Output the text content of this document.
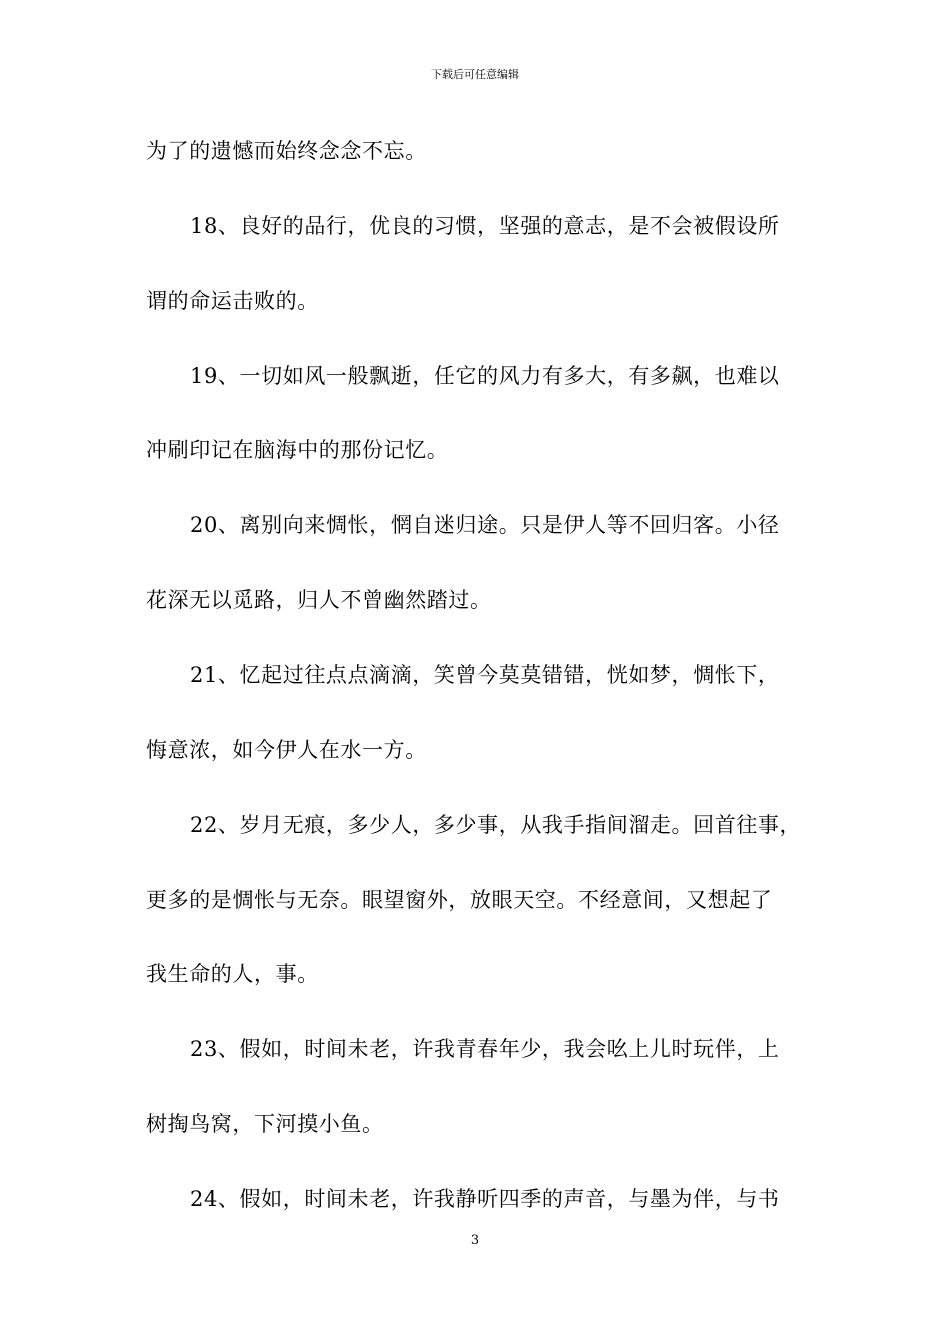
下载后可任意编辑
为了的遗憾而始终念念不忘。
18、良好的品行，优良的习惯，坚强的意志，是不会被假设所
谓的命运击败的。
19、一切如风一般飘逝，任它的风力有多大，有多飙，也难以
冲刷印记在脑海中的那份记忆。
20、离别向来惆怅，惘自迷归途。只是伊人等不回归客。小径
花深无以觅路，归人不曾幽然踏过。
21、忆起过往点点滴滴，笑曾今莫莫错错，恍如梦，惆怅下，
悔意浓，如今伊人在水一方。
22、岁月无痕，多少人，多少事，从我手指间溜走。回首往事，
更多的是惆怅与无奈。眼望窗外，放眼天空。不经意间，又想起了
我生命的人，事。
23、假如，时间未老，许我青春年少，我会吆上儿时玩伴，上
树掏鸟窝，下河摸小鱼。
24、假如，时间未老，许我静听四季的声音，与墨为伴，与书
3
